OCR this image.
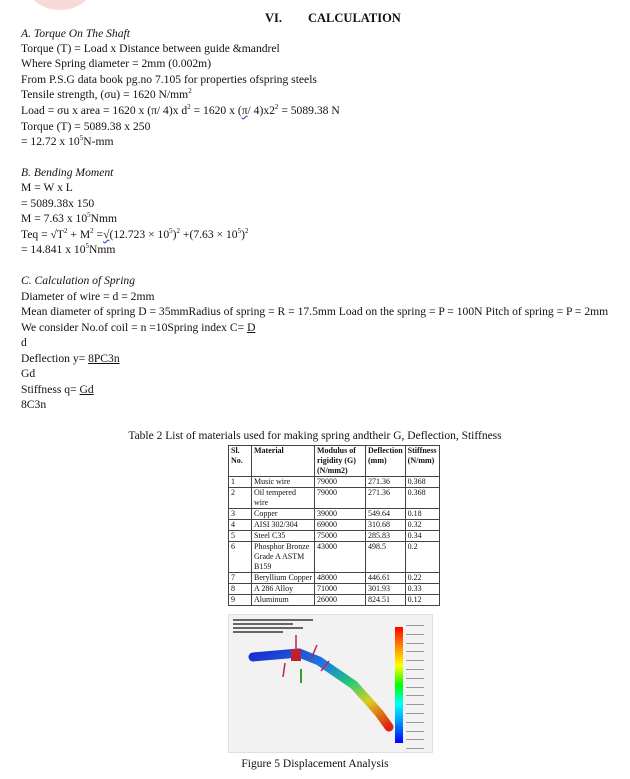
VI. CALCULATION
A. Torque On The Shaft
Torque (T) = Load x Distance between guide &mandrel
Where Spring diameter = 2mm (0.002m)
From P.S.G data book pg.no 7.105 for properties ofspring steels
Tensile strength, (σu) = 1620 $N/mm^2$
Load = σu x area = 1620 x (π/ 4)x $d^2 = 1620$ x (π/ $4)x2^2 = 5089.38$ N
Torque (T) = 5089.38 x 250
= 12.72 x $10^5N-mm$
B. Bending Moment
M = W x L
= 5089.38x 150
M = 7.63 x $10^5Nmm$
Teq = $√T^2 + M^2 =√(12.723 \times 10^5)^2 +(7.63 \times 10^5)^2$
= 14.841 x $10^5Nmm$
C. Calculation of Spring
Diameter of wire = d = 2mm
Mean diameter of spring D = 35mmRadius of spring = R = 17.5mm Load on the spring = P = 100N Pitch of spring = P = 2mm
We consider No.of coil = n =10Spring index C= D
d
Deflection y= 8PC3n
Gd
Stiffness q= Gd
8C3n
Table 2 List of materials used for making spring andtheir G, Deflection, Stiffness
Sl. No.	Material	Modulus of rigidity (G) (N/mm2)	Deflection (mm)	Stiffness (N/mm)
1	Music wire	79000	271.36	0.368
2	Oil tempered wire	79000	271.36	0.368
3	Copper	39000	549.64	0.18
4	AISI 302/304	69000	310.68	0.32
5	Steel C35	75000	285.83	0.34
6	Phosphor Bronze Grade A ASTM B159	43000	498.5	0.2
7	Beryllium Copper	48000	446.61	0.22
8	A 286 Alloy	71000	301.93	0.33
9	Aluminum	26000	824.51	0.12
Figure 5 Displacement Analysis
